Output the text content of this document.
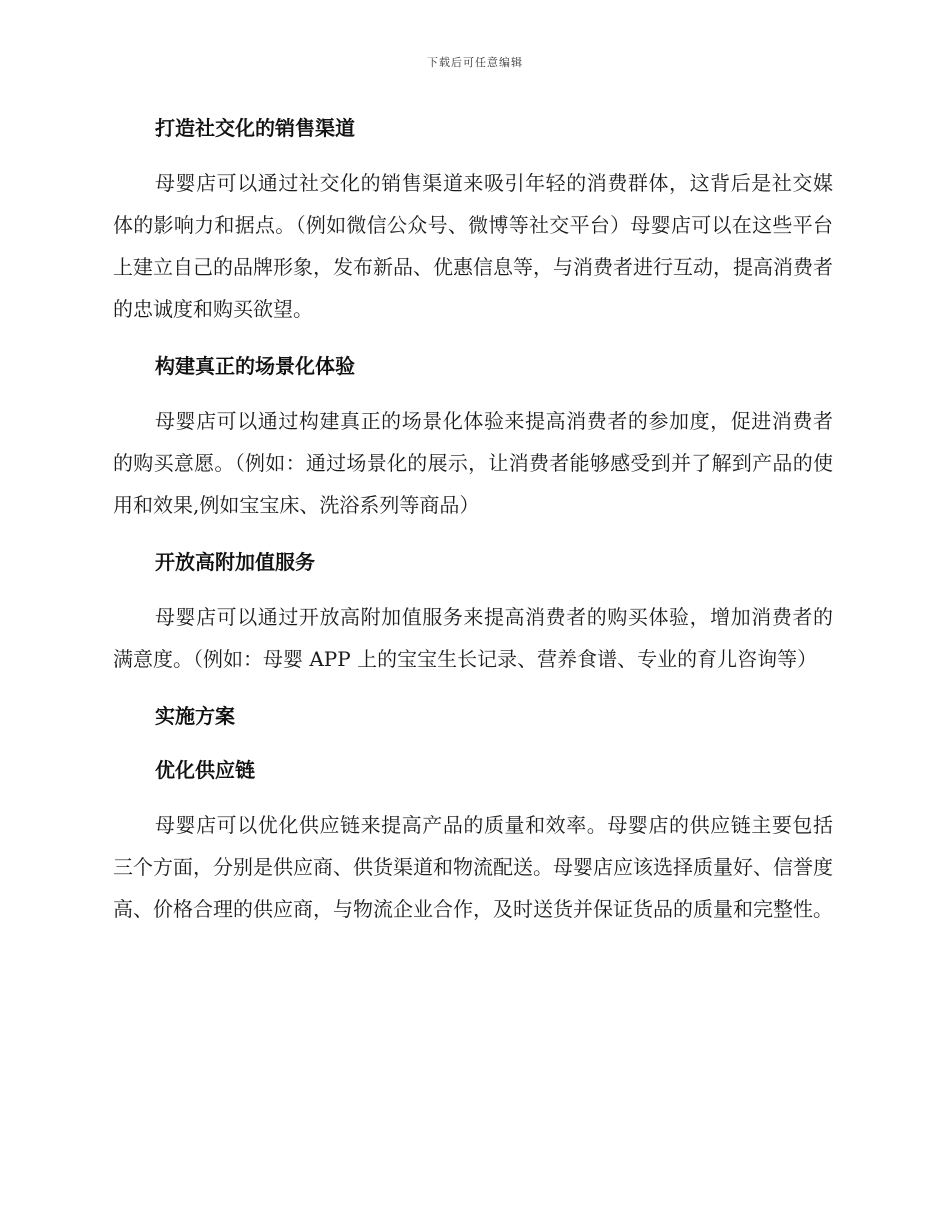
下载后可任意编辑
打造社交化的销售渠道

母婴店可以通过社交化的销售渠道来吸引年轻的消费群体，这背后是社交媒体的影响力和据点。（例如微信公众号、微博等社交平台）母婴店可以在这些平台上建立自己的品牌形象，发布新品、优惠信息等，与消费者进行互动，提高消费者的忠诚度和购买欲望。

构建真正的场景化体验

母婴店可以通过构建真正的场景化体验来提高消费者的参加度，促进消费者的购买意愿。（例如：通过场景化的展示，让消费者能够感受到并了解到产品的使用和效果,例如宝宝床、洗浴系列等商品）

开放高附加值服务

母婴店可以通过开放高附加值服务来提高消费者的购买体验，增加消费者的满意度。（例如：母婴 APP 上的宝宝生长记录、营养食谱、专业的育儿咨询等）

实施方案
优化供应链

母婴店可以优化供应链来提高产品的质量和效率。母婴店的供应链主要包括三个方面，分别是供应商、供货渠道和物流配送。母婴店应该选择质量好、信誉度高、价格合理的供应商，与物流企业合作，及时送货并保证货品的质量和完整性。
